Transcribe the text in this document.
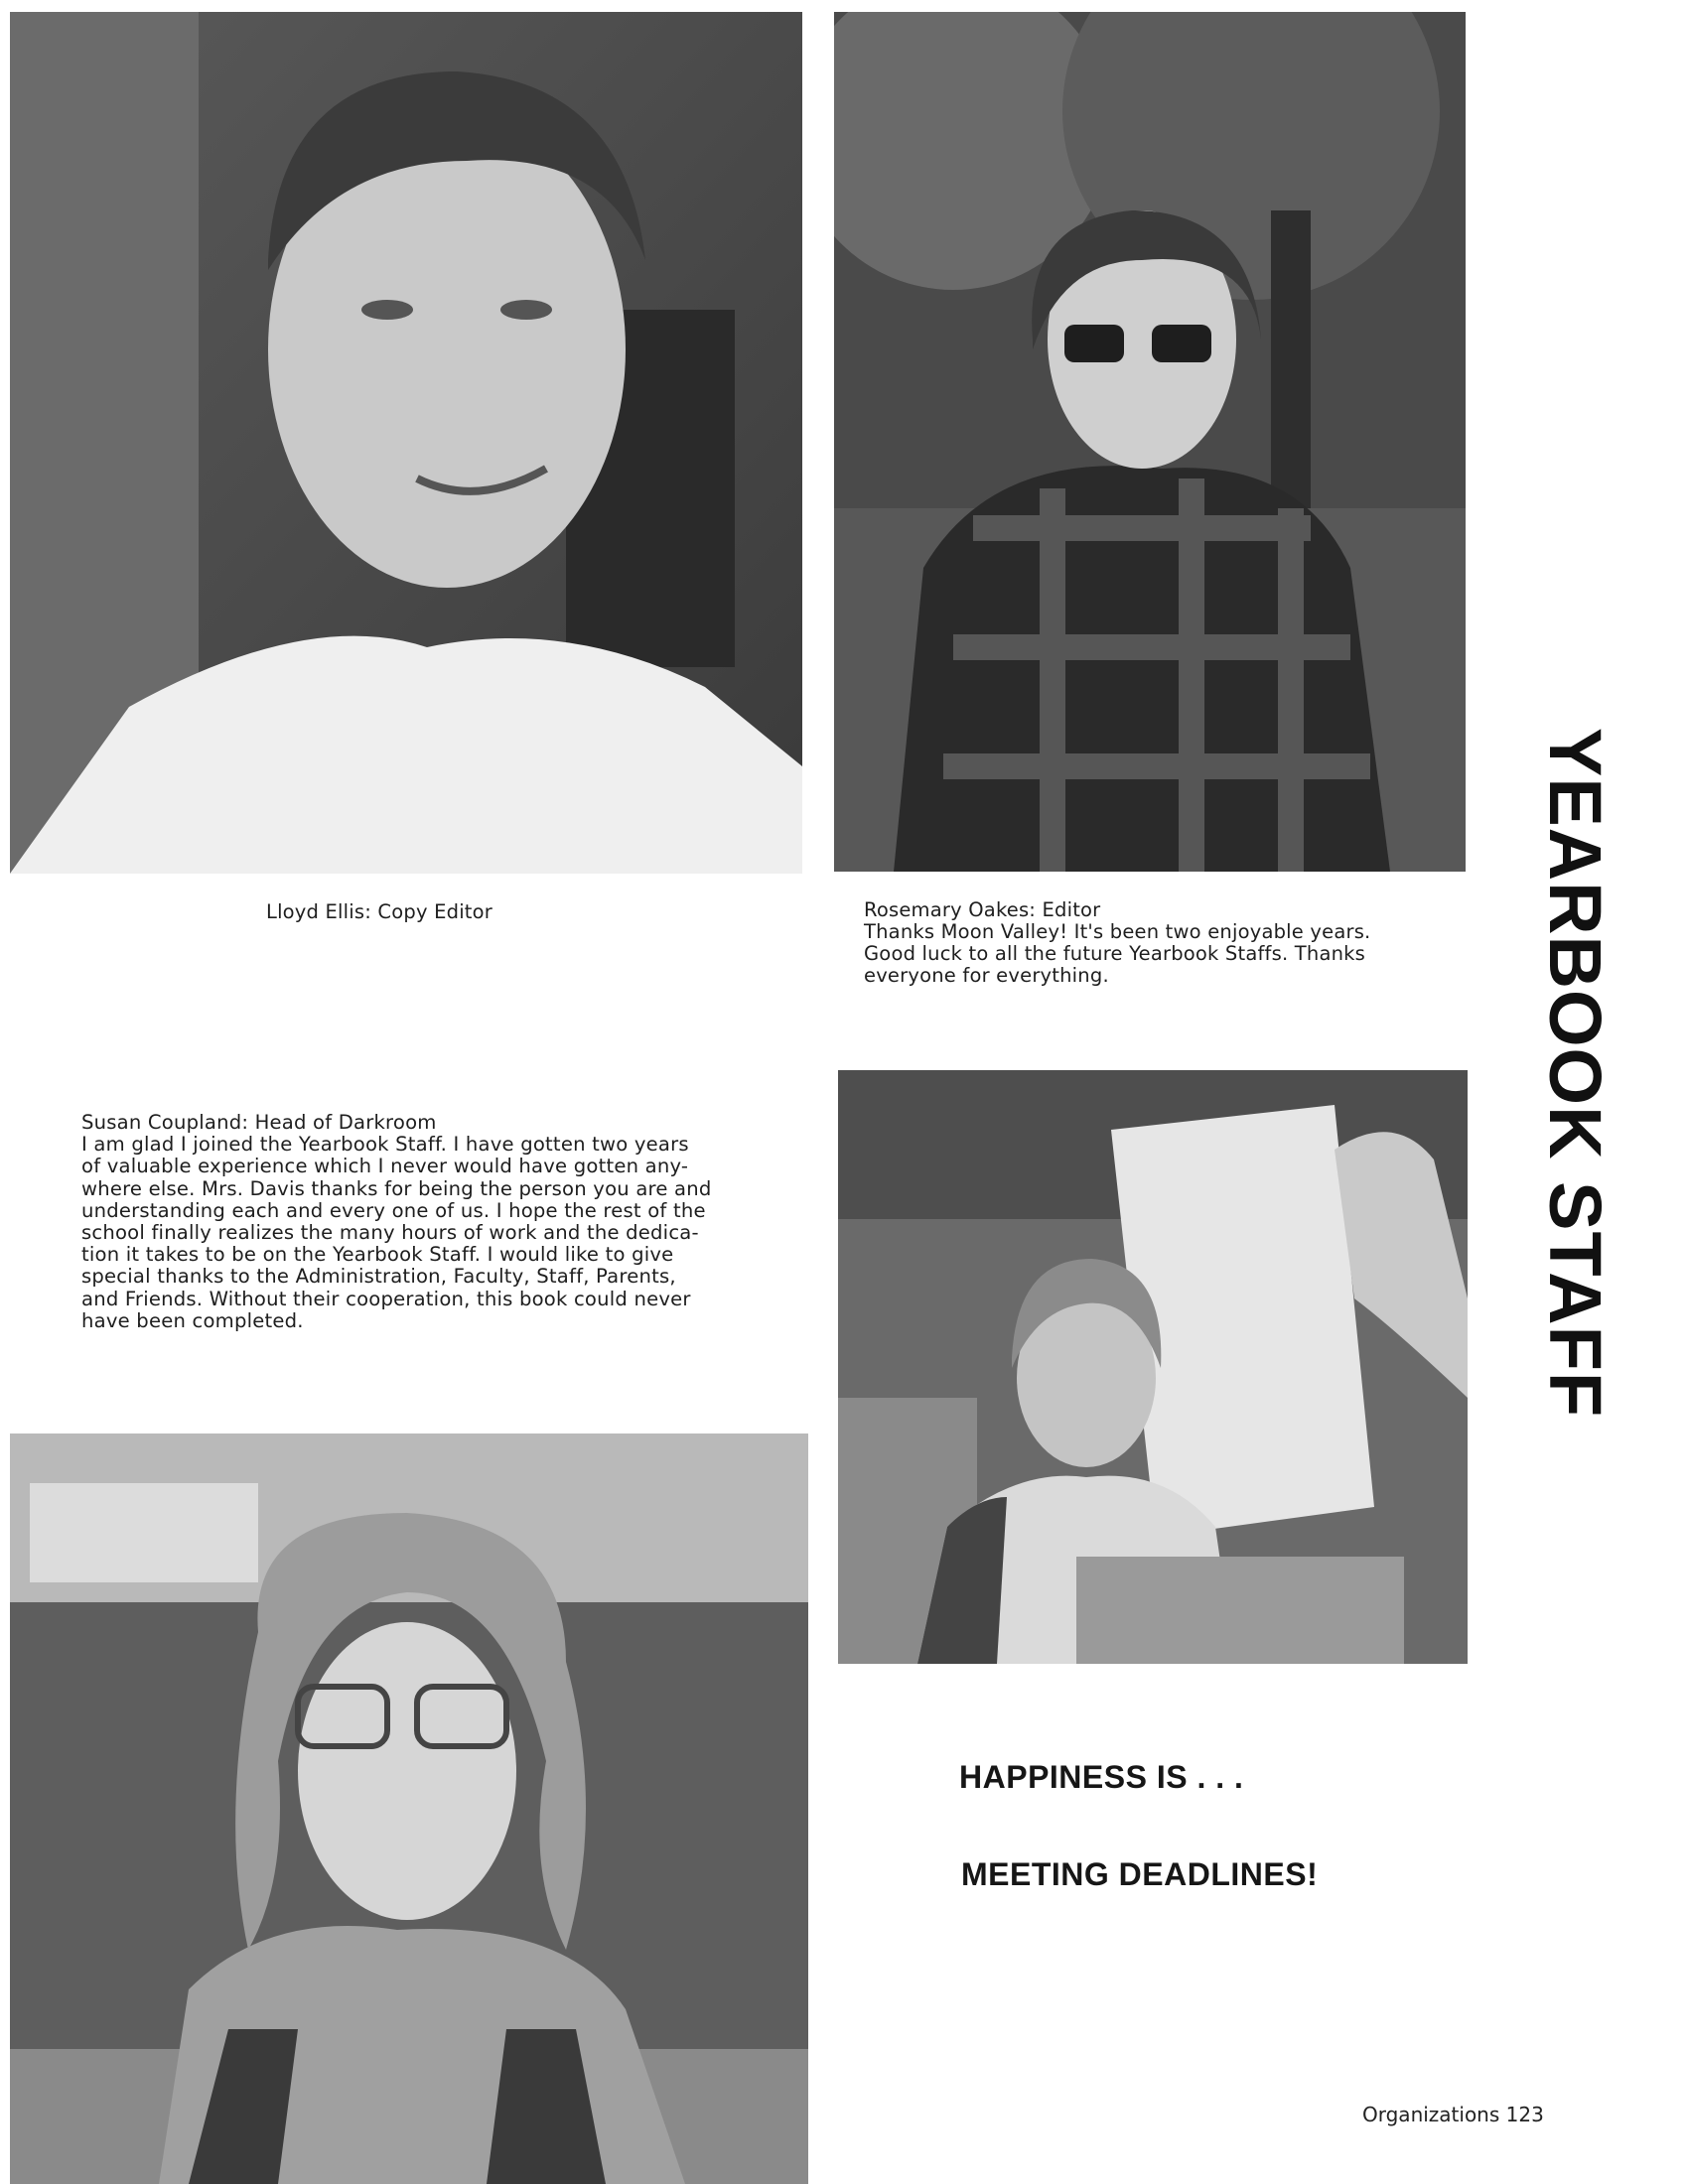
Lloyd Ellis: Copy Editor	Rosemary Oakes: Editor
Thanks Moon Valley! It's been two enjoyable years.
Good luck to all the future Yearbook Staffs. Thanks
everyone for everything.
Susan Coupland: Head of Darkroom
I am glad I joined the Yearbook Staff. I have gotten two years
of valuable experience which I never would have gotten any-
where else. Mrs. Davis thanks for being the person you are and
understanding each and every one of us. I hope the rest of the
school finally realizes the many hours of work and the dedica-
tion it takes to be on the Yearbook Staff. I would like to give
special thanks to the Administration, Faculty, Staff, Parents,
and Friends. Without their cooperation, this book could never
have been completed.	YEARBOOK STAFF
HAPPINESS IS . . .
MEETING DEADLINES!
Organizations 123
